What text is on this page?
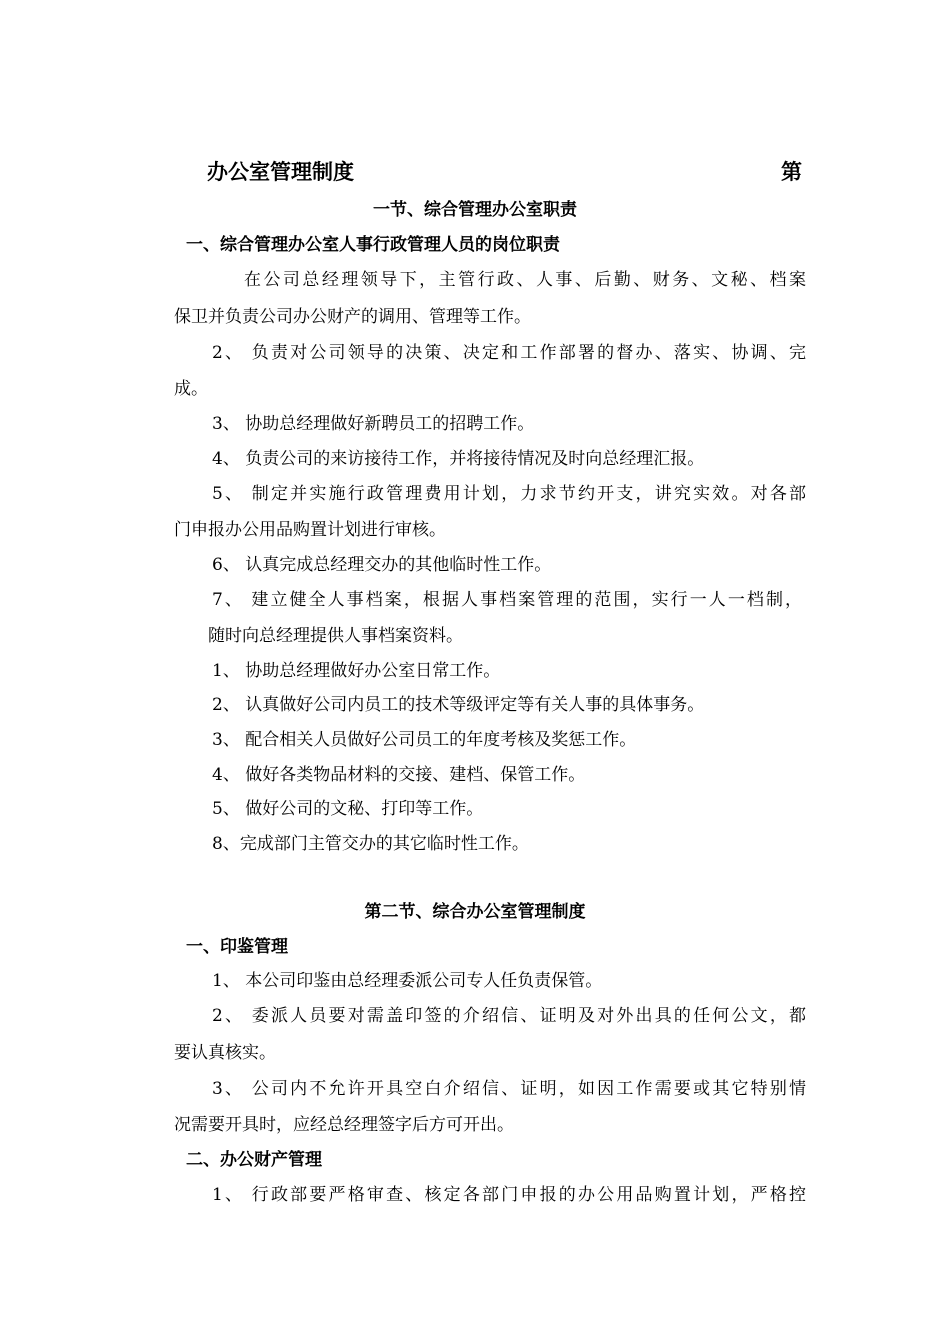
办公室管理制度	第
一节、综合管理办公室职责
一、综合管理办公室人事行政管理人员的岗位职责
在公司总经理领导下，主管行政、人事、后勤、财务、文秘、档案
保卫并负责公司办公财产的调用、管理等工作。
2、 负责对公司领导的决策、决定和工作部署的督办、落实、协调、完
成。
3、 协助总经理做好新聘员工的招聘工作。
4、 负责公司的来访接待工作，并将接待情况及时向总经理汇报。
5、 制定并实施行政管理费用计划，力求节约开支，讲究实效。对各部
门申报办公用品购置计划进行审核。
6、 认真完成总经理交办的其他临时性工作。
7、 建立健全人事档案，根据人事档案管理的范围，实行一人一档制，
随时向总经理提供人事档案资料。
1、 协助总经理做好办公室日常工作。
2、 认真做好公司内员工的技术等级评定等有关人事的具体事务。
3、 配合相关人员做好公司员工的年度考核及奖惩工作。
4、 做好各类物品材料的交接、建档、保管工作。
5、 做好公司的文秘、打印等工作。
8、完成部门主管交办的其它临时性工作。
第二节、综合办公室管理制度
一、印鉴管理
1、 本公司印鉴由总经理委派公司专人任负责保管。
2、 委派人员要对需盖印签的介绍信、证明及对外出具的任何公文，都
要认真核实。
3、 公司内不允许开具空白介绍信、证明，如因工作需要或其它特别情
况需要开具时，应经总经理签字后方可开出。
二、办公财产管理
1、 行政部要严格审查、核定各部门申报的办公用品购置计划，严格控
